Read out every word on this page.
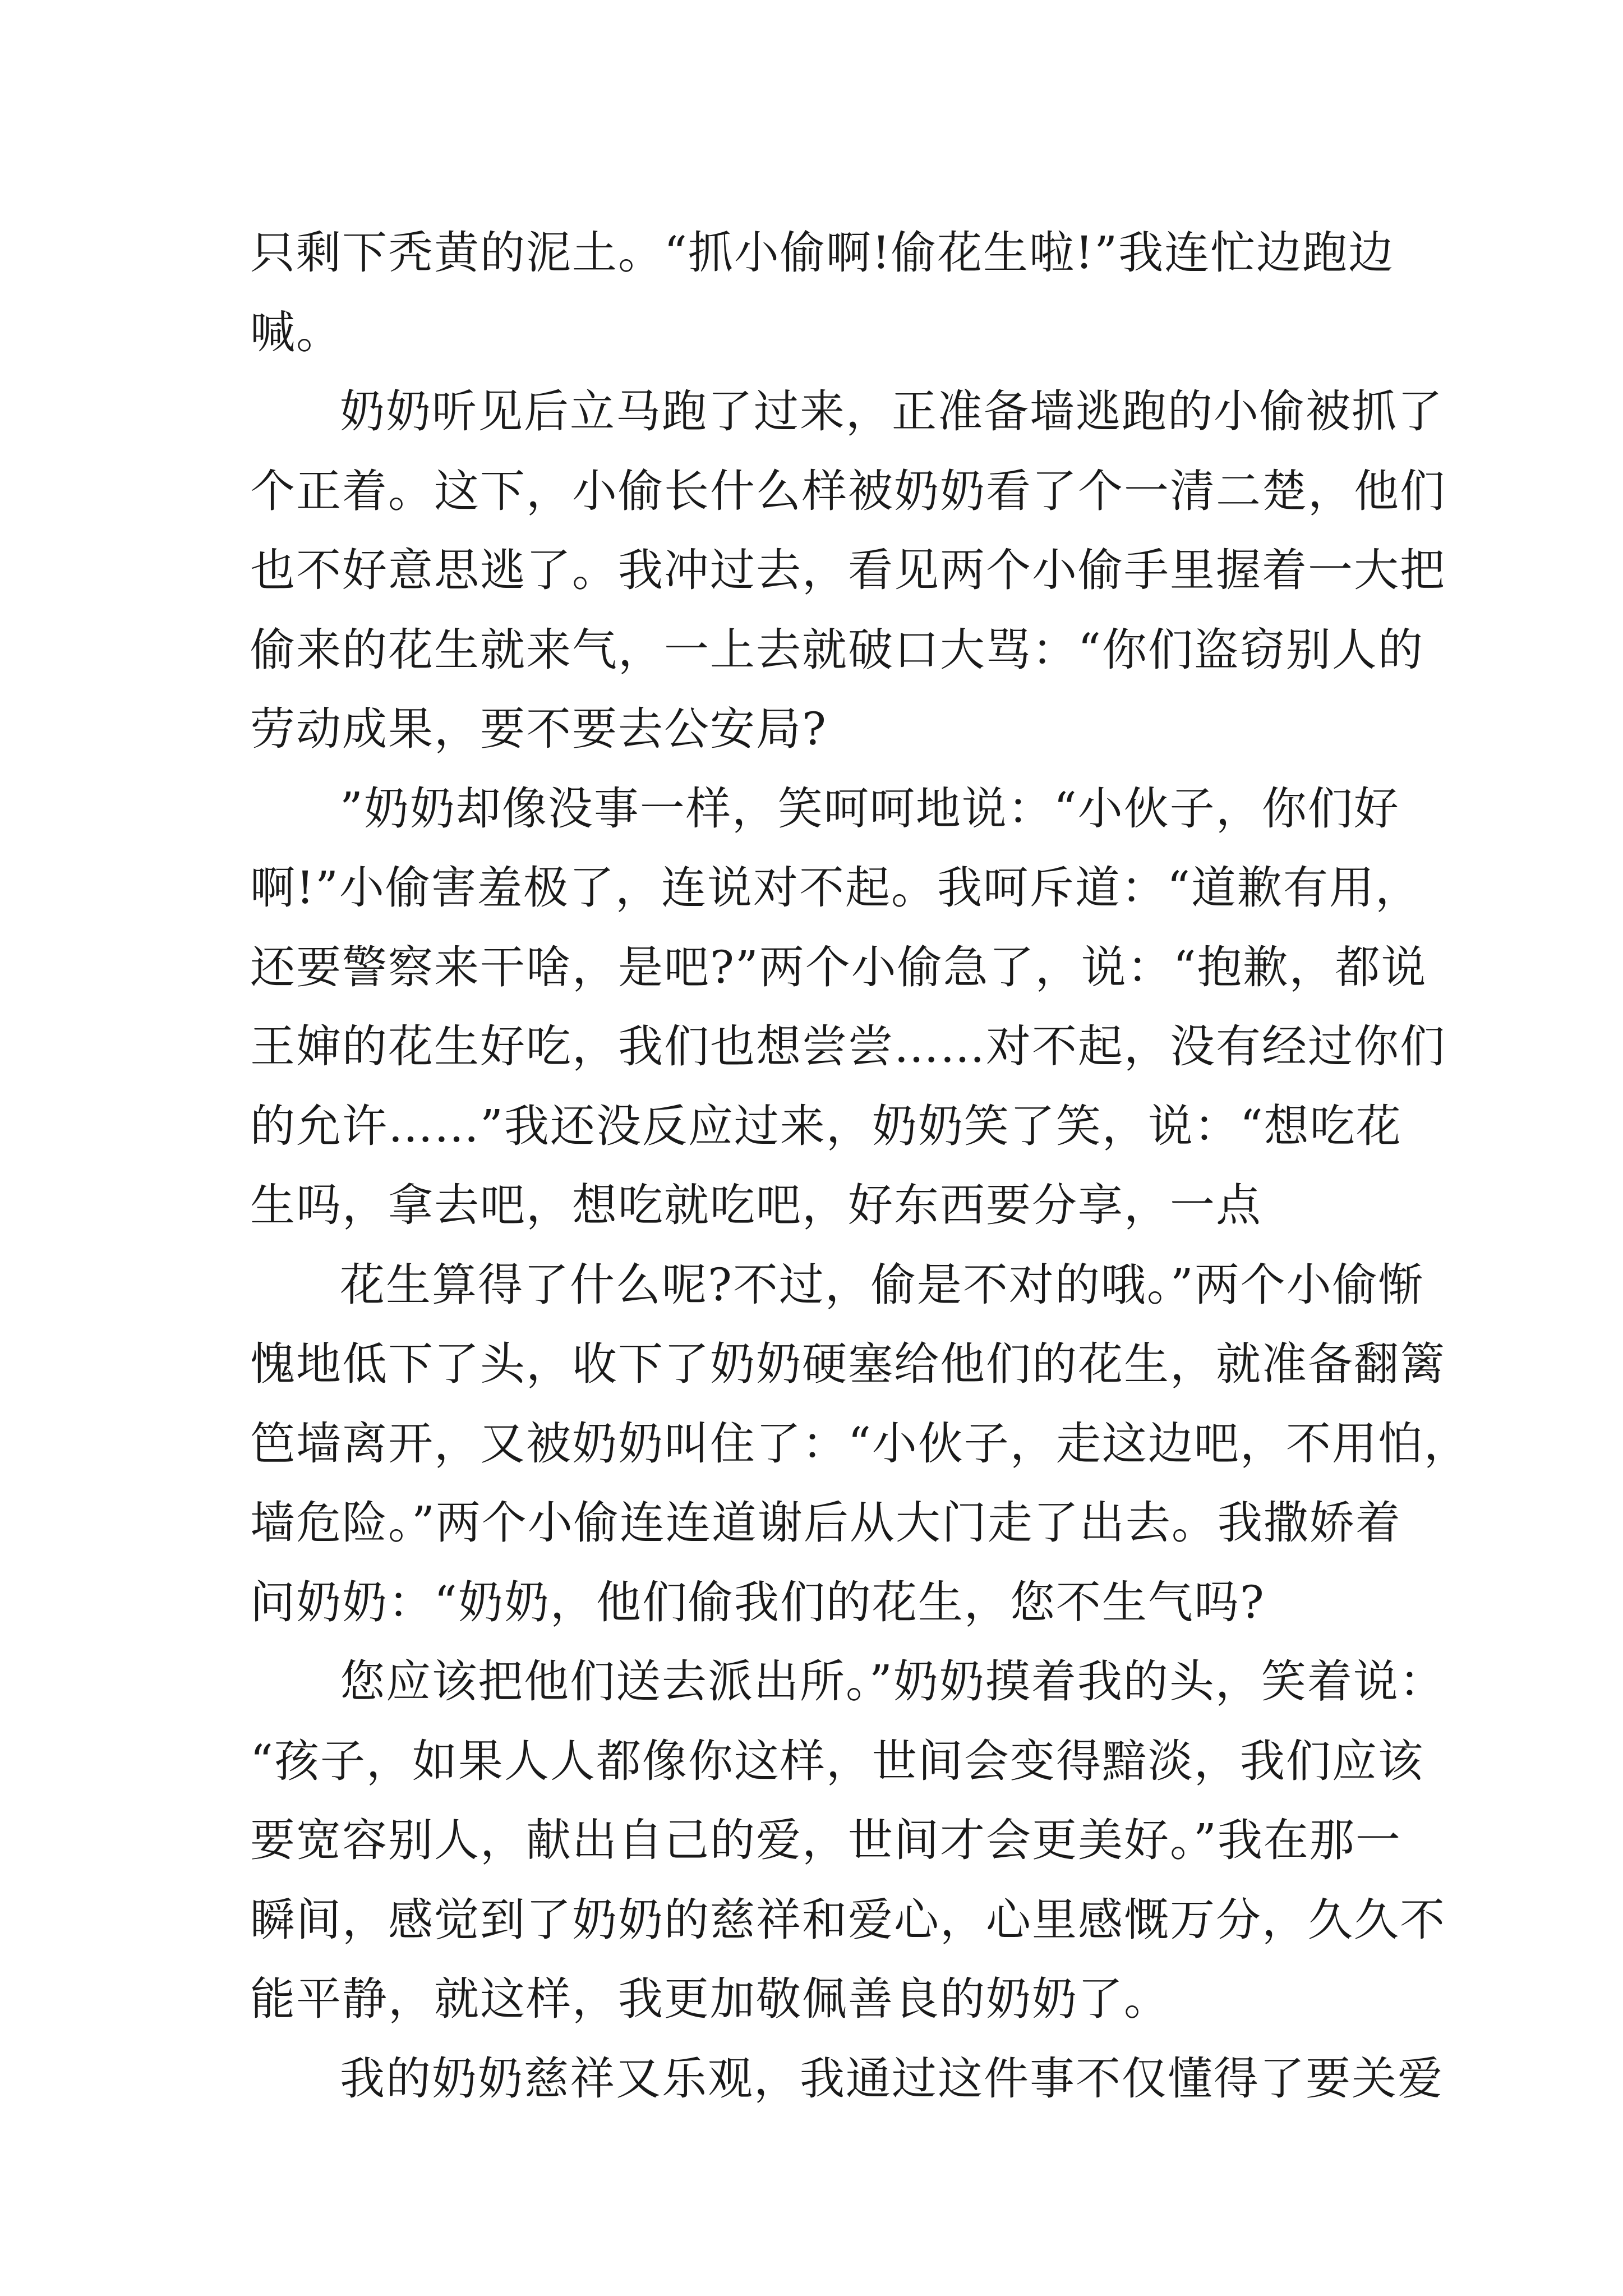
只剩下秃黄的泥土。“抓小偷啊!偷花生啦!”我连忙边跑边
喊。
奶奶听见后立马跑了过来，正准备墙逃跑的小偷被抓了
个正着。这下，小偷长什么样被奶奶看了个一清二楚，他们
也不好意思逃了。我冲过去，看见两个小偷手里握着一大把
偷来的花生就来气，一上去就破口大骂：“你们盗窃别人的
劳动成果，要不要去公安局?
”奶奶却像没事一样，笑呵呵地说：“小伙子，你们好
啊!”小偷害羞极了，连说对不起。我呵斥道：“道歉有用，
还要警察来干啥，是吧?”两个小偷急了，说：“抱歉，都说
王婶的花生好吃，我们也想尝尝……对不起，没有经过你们
的允许……”我还没反应过来，奶奶笑了笑，说：“想吃花
生吗，拿去吧，想吃就吃吧，好东西要分享，一点
花生算得了什么呢?不过，偷是不对的哦。”两个小偷惭
愧地低下了头，收下了奶奶硬塞给他们的花生，就准备翻篱
笆墙离开，又被奶奶叫住了：“小伙子，走这边吧，不用怕，
墙危险。”两个小偷连连道谢后从大门走了出去。我撒娇着
问奶奶：“奶奶，他们偷我们的花生，您不生气吗?
您应该把他们送去派出所。”奶奶摸着我的头，笑着说：
“孩子，如果人人都像你这样，世间会变得黯淡，我们应该
要宽容别人，献出自己的爱，世间才会更美好。”我在那一
瞬间，感觉到了奶奶的慈祥和爱心，心里感慨万分，久久不
能平静，就这样，我更加敬佩善良的奶奶了。
我的奶奶慈祥又乐观，我通过这件事不仅懂得了要关爱
